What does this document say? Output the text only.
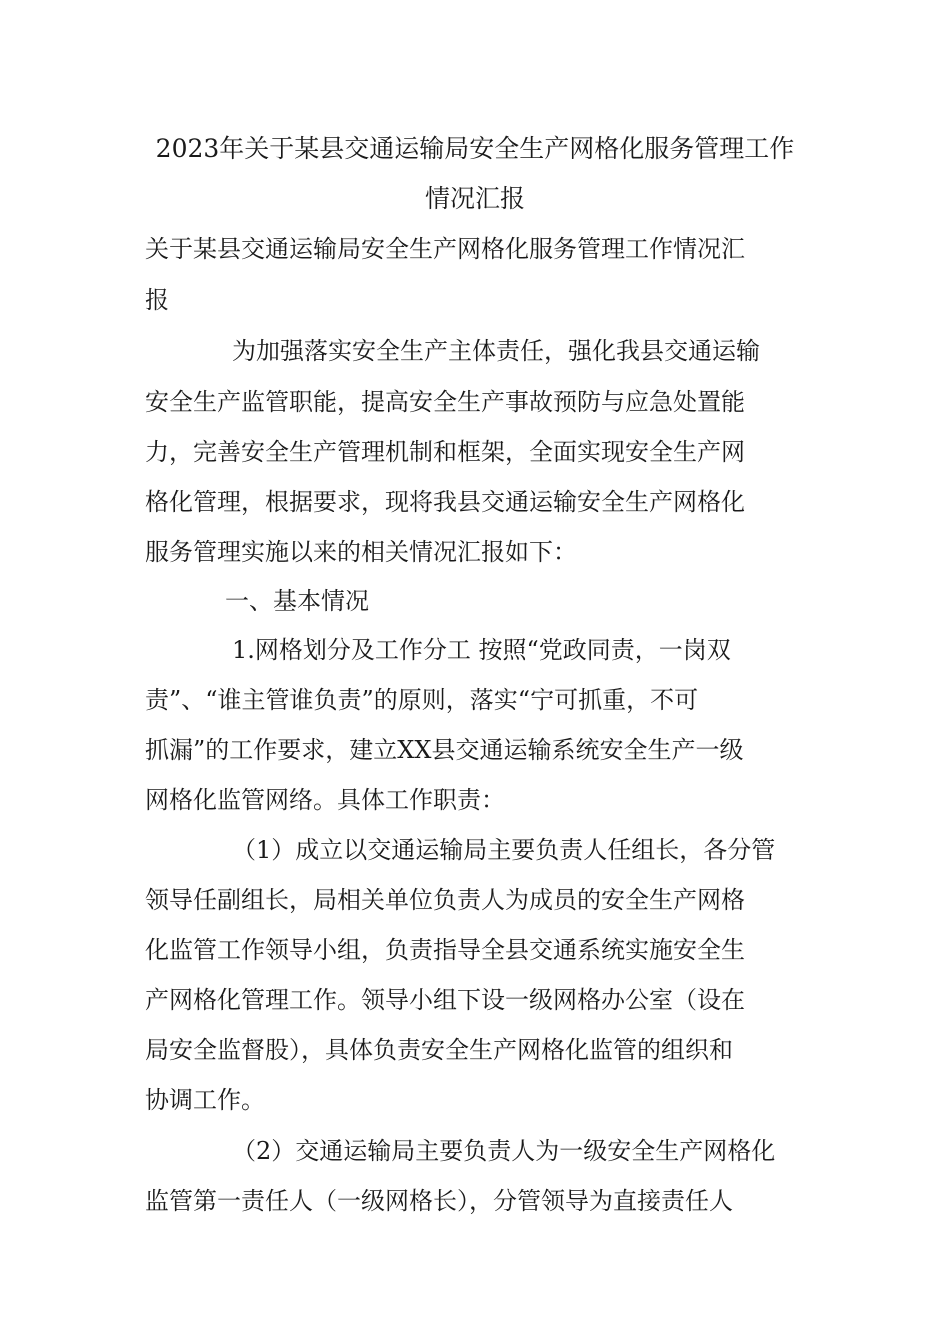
2023年关于某县交通运输局安全生产网格化服务管理工作
情况汇报
关于某县交通运输局安全生产网格化服务管理工作情况汇
报
为加强落实安全生产主体责任，强化我县交通运输
安全生产监管职能，提高安全生产事故预防与应急处置能
力，完善安全生产管理机制和框架，全面实现安全生产网
格化管理，根据要求，现将我县交通运输安全生产网格化
服务管理实施以来的相关情况汇报如下：
一、基本情况
1.网格划分及工作分工 按照“党政同责，一岗双
责”、“谁主管谁负责”的原则，落实“宁可抓重，不可
抓漏”的工作要求，建立XX县交通运输系统安全生产一级
网格化监管网络。具体工作职责：
（1）成立以交通运输局主要负责人任组长，各分管
领导任副组长，局相关单位负责人为成员的安全生产网格
化监管工作领导小组，负责指导全县交通系统实施安全生
产网格化管理工作。领导小组下设一级网格办公室（设在
局安全监督股），具体负责安全生产网格化监管的组织和
协调工作。
（2）交通运输局主要负责人为一级安全生产网格化
监管第一责任人（一级网格长），分管领导为直接责任人
